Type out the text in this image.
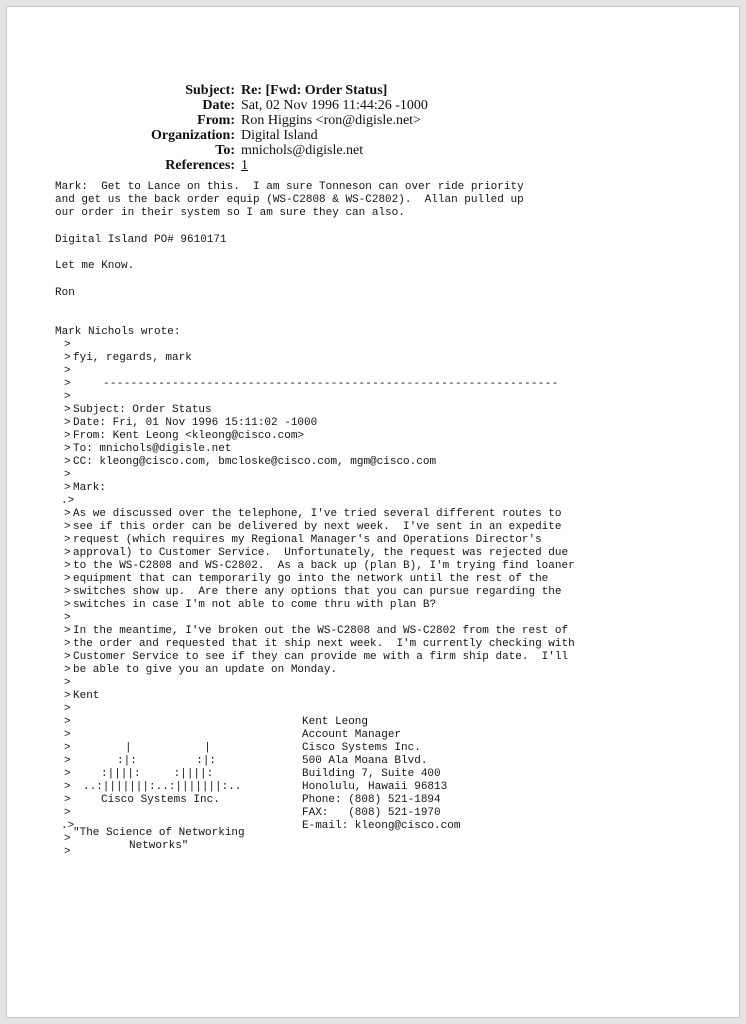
Subject: Re: [Fwd: Order Status]
Date: Sat, 02 Nov 1996 11:44:26 -1000
From: Ron Higgins <ron@digisle.net>
Organization: Digital Island
To: mnichols@digisle.net
References: 1
Mark:  Get to Lance on this.  I am sure Tonneson can over ride priority
and get us the back order equip (WS-C2808 & WS-C2802).  Allan pulled up
our order in their system so I am sure they can also.
Digital Island PO# 9610171
Let me Know.
Ron
Mark Nichols wrote:
>
>
>
>
>
>
>
>
>
>
>
>
.>
>
>
>
>
>
>
>
>
>
>
>
>
>
>
>
>
>
>
>
>
>
>
>
>
.>
>
>
fyi, regards, mark
------------------------------------------------------------------
Subject: Order Status
Date: Fri, 01 Nov 1996 15:11:02 -1000
From: Kent Leong <kleong@cisco.com>
To: mnichols@digisle.net
CC: kleong@cisco.com, bmcloske@cisco.com, mgm@cisco.com
Mark:
As we discussed over the telephone, I've tried several different routes to
see if this order can be delivered by next week.  I've sent in an expedite
request (which requires my Regional Manager's and Operations Director's
approval) to Customer Service.  Unfortunately, the request was rejected due
to the WS-C2808 and WS-C2802.  As a back up (plan B), I'm trying find loaner
equipment that can temporarily go into the network until the rest of the
switches show up.  Are there any options that you can pursue regarding the
switches in case I'm not able to come thru with plan B?
In the meantime, I've broken out the WS-C2808 and WS-C2802 from the rest of
the order and requested that it ship next week.  I'm currently checking with
Customer Service to see if they can provide me with a firm ship date.  I'll
be able to give you an update on Monday.
Kent
Kent Leong
Account Manager
Cisco Systems Inc.
500 Ala Moana Blvd.
Building 7, Suite 400
Honolulu, Hawaii 96813
Phone: (808) 521-1894
FAX:   (808) 521-1970
E-mail: kleong@cisco.com
|           |
:|:         :|:
:||||:     :||||:
..:|||||||:..:|||||||:..
Cisco Systems Inc.
"The Science of Networking
Networks"
